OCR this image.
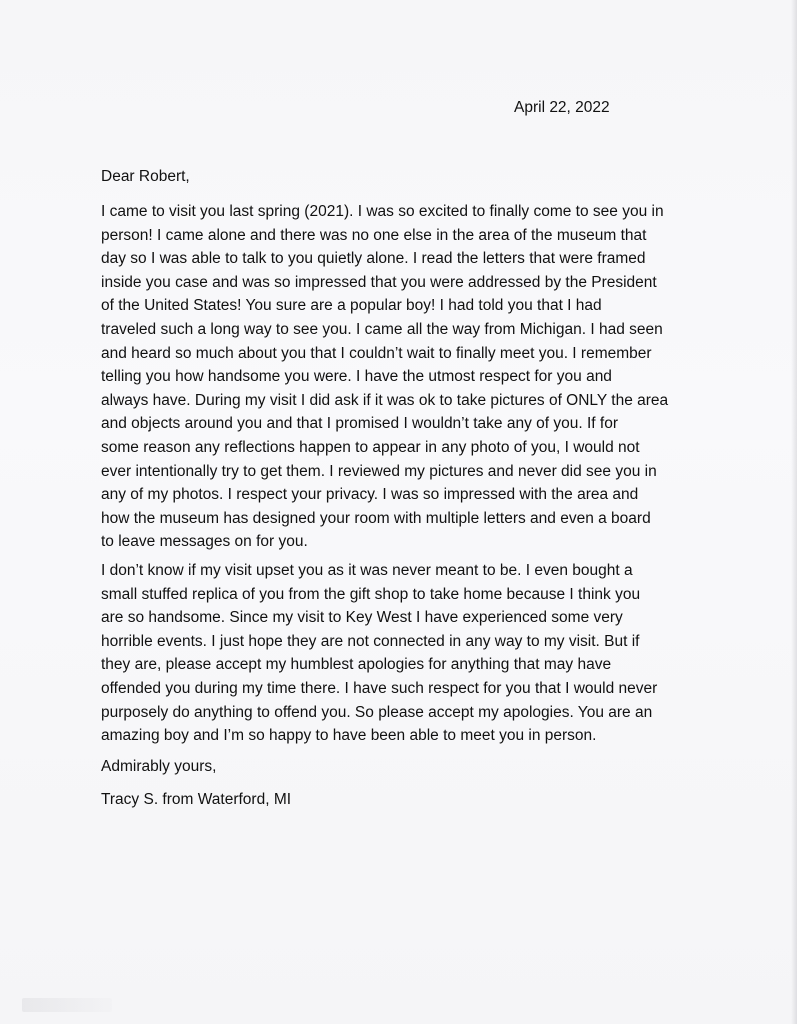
April 22, 2022
Dear Robert,
I came to visit you last spring (2021). I was so excited to finally come to see you in
person! I came alone and there was no one else in the area of the museum that
day so I was able to talk to you quietly alone. I read the letters that were framed
inside you case and was so impressed that you were addressed by the President
of the United States! You sure are a popular boy! I had told you that I had
traveled such a long way to see you. I came all the way from Michigan. I had seen
and heard so much about you that I couldn’t wait to finally meet you. I remember
telling you how handsome you were. I have the utmost respect for you and
always have. During my visit I did ask if it was ok to take pictures of ONLY the area
and objects around you and that I promised I wouldn’t take any of you. If for
some reason any reflections happen to appear in any photo of you, I would not
ever intentionally try to get them. I reviewed my pictures and never did see you in
any of my photos. I respect your privacy. I was so impressed with the area and
how the museum has designed your room with multiple letters and even a board
to leave messages on for you.
I don’t know if my visit upset you as it was never meant to be. I even bought a
small stuffed replica of you from the gift shop to take home because I think you
are so handsome. Since my visit to Key West I have experienced some very
horrible events. I just hope they are not connected in any way to my visit. But if
they are, please accept my humblest apologies for anything that may have
offended you during my time there. I have such respect for you that I would never
purposely do anything to offend you. So please accept my apologies. You are an
amazing boy and I’m so happy to have been able to meet you in person.
Admirably yours,
Tracy S. from Waterford, MI
